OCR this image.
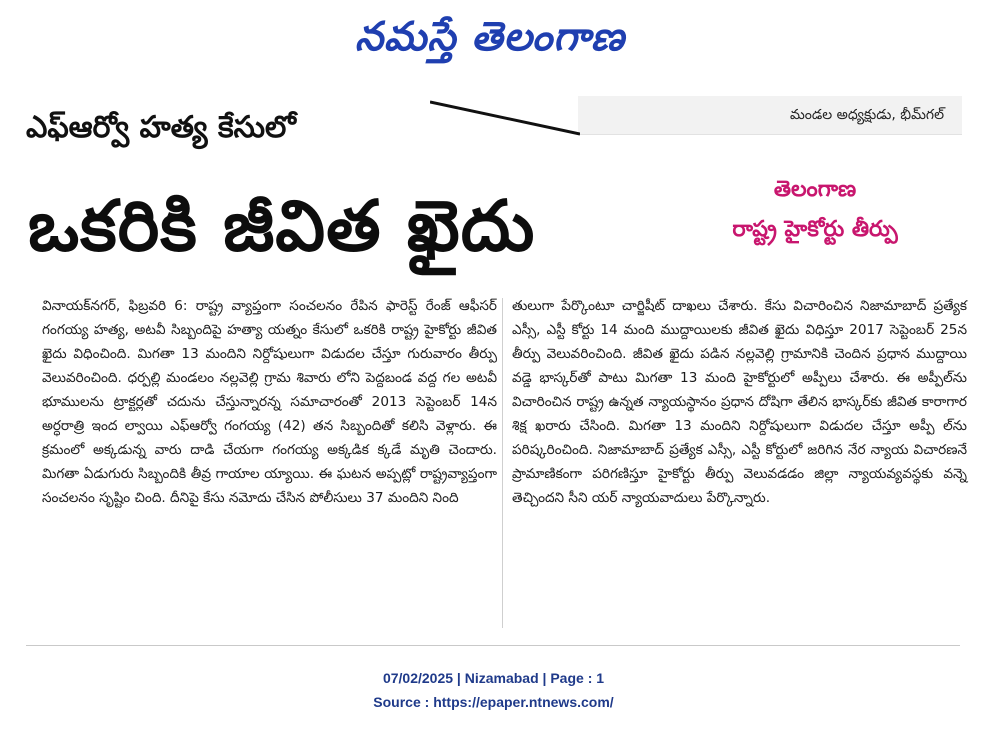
నమస్తే తెలంగాణ
మండల అధ్యక్షుడు, భీమ్‌గల్
ఎఫ్‌ఆర్వో హత్య కేసులో
ఒకరికి జీవిత ఖైదు	తెలంగాణ
రాష్ట్ర హైకోర్టు తీర్పు
వినాయక్‌నగర్‌, ఫిబ్రవరి 6: రాష్ట్ర వ్యాప్తంగా సంచలనం రేపిన ఫారెస్ట్‌ రేంజ్‌ ఆఫీసర్‌ గంగయ్య హత్య, అటవీ సిబ్బందిపై హత్యా యత్నం కేసులో ఒకరికి రాష్ట్ర హైకోర్టు జీవిత ఖైదు విధించింది. మిగతా 13 మందిని నిర్దోషులుగా విడుదల చేస్తూ గురువారం తీర్పు వెలువరించింది. ధర్పల్లి మండలం నల్లవెల్లి గ్రామ శివారు లోని పెద్దబండ వద్ద గల అటవీ భూములను ట్రాక్టర్లతో చదును చేస్తున్నారన్న సమాచారంతో 2013 సెప్టెంబర్‌ 14న అర్ధరాత్రి ఇంద ల్వాయి ఎఫ్‌ఆర్వో గంగయ్య (42) తన సిబ్బందితో కలిసి వెళ్లారు. ఈ క్రమంలో అక్కడున్న వారు దాడి చేయగా గంగయ్య అక్కడిక క్కడే మృతి చెందారు. మిగతా ఏడుగురు సిబ్బందికి తీవ్ర గాయాల య్యాయి. ఈ ఘటన అప్పట్లో రాష్ట్రవ్యాప్తంగా సంచలనం సృష్టిం చింది. దీనిపై కేసు నమోదు చేసిన పోలీసులు 37 మందిని నింది
తులుగా పేర్కొంటూ చార్జిషీట్‌ దాఖలు చేశారు. కేసు విచారించిన నిజామాబాద్‌ ప్రత్యేక ఎస్సీ, ఎస్టీ కోర్టు 14 మంది ముద్దాయిలకు జీవిత ఖైదు విధిస్తూ 2017 సెప్టెంబర్‌ 25న తీర్పు వెలువరించింది. జీవిత ఖైదు పడిన నల్లవెల్లి గ్రామానికి చెందిన ప్రధాన ముద్దాయి వడ్డె భాస్కర్‌తో పాటు మిగతా 13 మంది హైకోర్టులో అప్పీలు చేశారు. ఈ అప్పీల్‌ను విచారించిన రాష్ట్ర ఉన్నత న్యాయస్థానం ప్రధాన దోషిగా తేలిన భాస్కర్‌కు జీవిత కారాగార శిక్ష ఖరారు చేసింది. మిగతా 13 మందిని నిర్దోషులుగా విడుదల చేస్తూ అప్పీ ల్‌ను పరిష్కరించింది. నిజామాబాద్‌ ప్రత్యేక ఎస్సీ, ఎస్టీ కోర్టులో జరిగిన నేర న్యాయ విచారణనే ప్రామాణికంగా పరిగణిస్తూ హైకోర్టు తీర్పు వెలువడడం జిల్లా న్యాయవ్యవస్థకు వన్నె తెచ్చిందని సీని యర్‌ న్యాయవాదులు పేర్కొన్నారు.
07/02/2025 | Nizamabad | Page : 1
Source : https://epaper.ntnews.com/
